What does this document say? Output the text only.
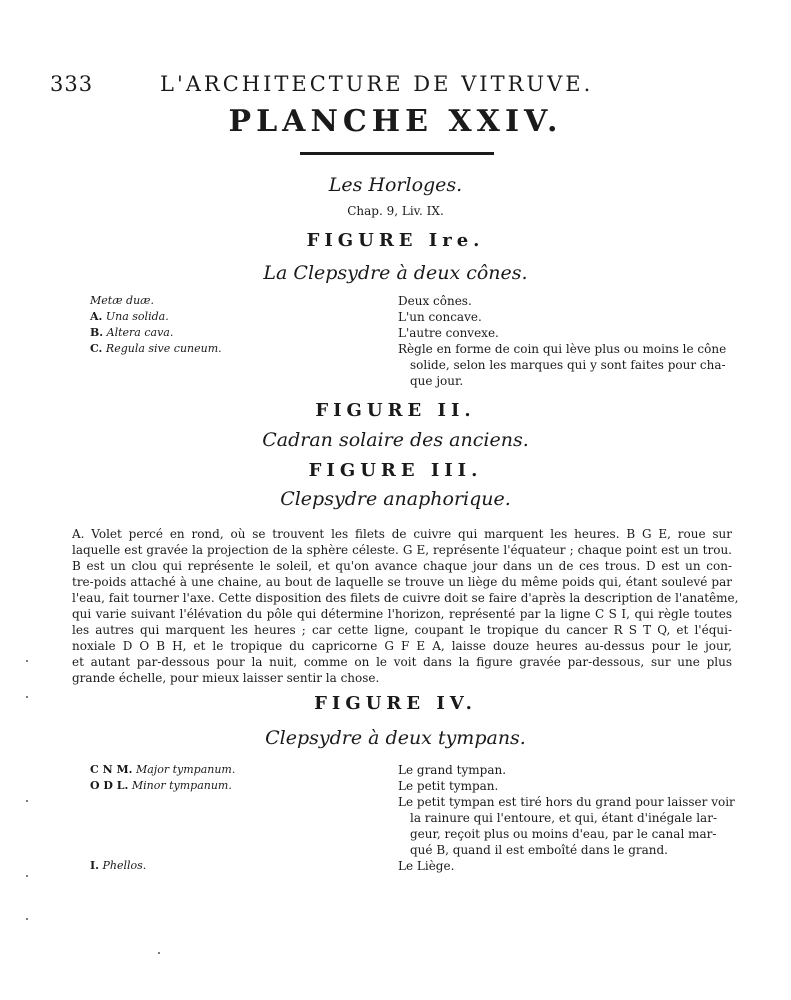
333	L'ARCHITECTURE DE VITRUVE.
PLANCHE XXIV.
Les Horloges.
Chap. 9, Liv. IX.
FIGURE Ire.
La Clepsydre à deux cônes.
Metæ duæ.
A. Una solida.
B. Altera cava.
C. Regula sive cuneum.
Deux cônes.
L'un concave.
L'autre convexe.
Règle en forme de coin qui lève plus ou moins le cône
solide, selon les marques qui y sont faites pour cha-
que jour.
FIGURE II.
Cadran solaire des anciens.
FIGURE III.
Clepsydre anaphorique.
A. Volet percé en rond, où se trouvent les filets de cuivre qui marquent les heures. B G E, roue sur
laquelle est gravée la projection de la sphère céleste. G E, représente l'équateur ; chaque point est un trou.
B est un clou qui représente le soleil, et qu'on avance chaque jour dans un de ces trous. D est un con-
tre-poids attaché à une chaine, au bout de laquelle se trouve un liège du même poids qui, étant soulevé par
l'eau, fait tourner l'axe. Cette disposition des filets de cuivre doit se faire d'après la description de l'anatême,
qui varie suivant l'élévation du pôle qui détermine l'horizon, représenté par la ligne C S I, qui règle toutes
les autres qui marquent les heures ; car cette ligne, coupant le tropique du cancer R S T Q, et l'équi-
noxiale D O B H, et le tropique du capricorne G F E A, laisse douze heures au-dessus pour le jour,
et autant par-dessous pour la nuit, comme on le voit dans la figure gravée par-dessous, sur une plus
grande échelle, pour mieux laisser sentir la chose.
FIGURE IV.
Clepsydre à deux tympans.
C N M. Major tympanum.
O D L. Minor tympanum.
Le grand tympan.
Le petit tympan.
Le petit tympan est tiré hors du grand pour laisser voir
la rainure qui l'entoure, et qui, étant d'inégale lar-
geur, reçoit plus ou moins d'eau, par le canal mar-
qué B, quand il est emboîté dans le grand.
I. Phellos.	Le Liège.
